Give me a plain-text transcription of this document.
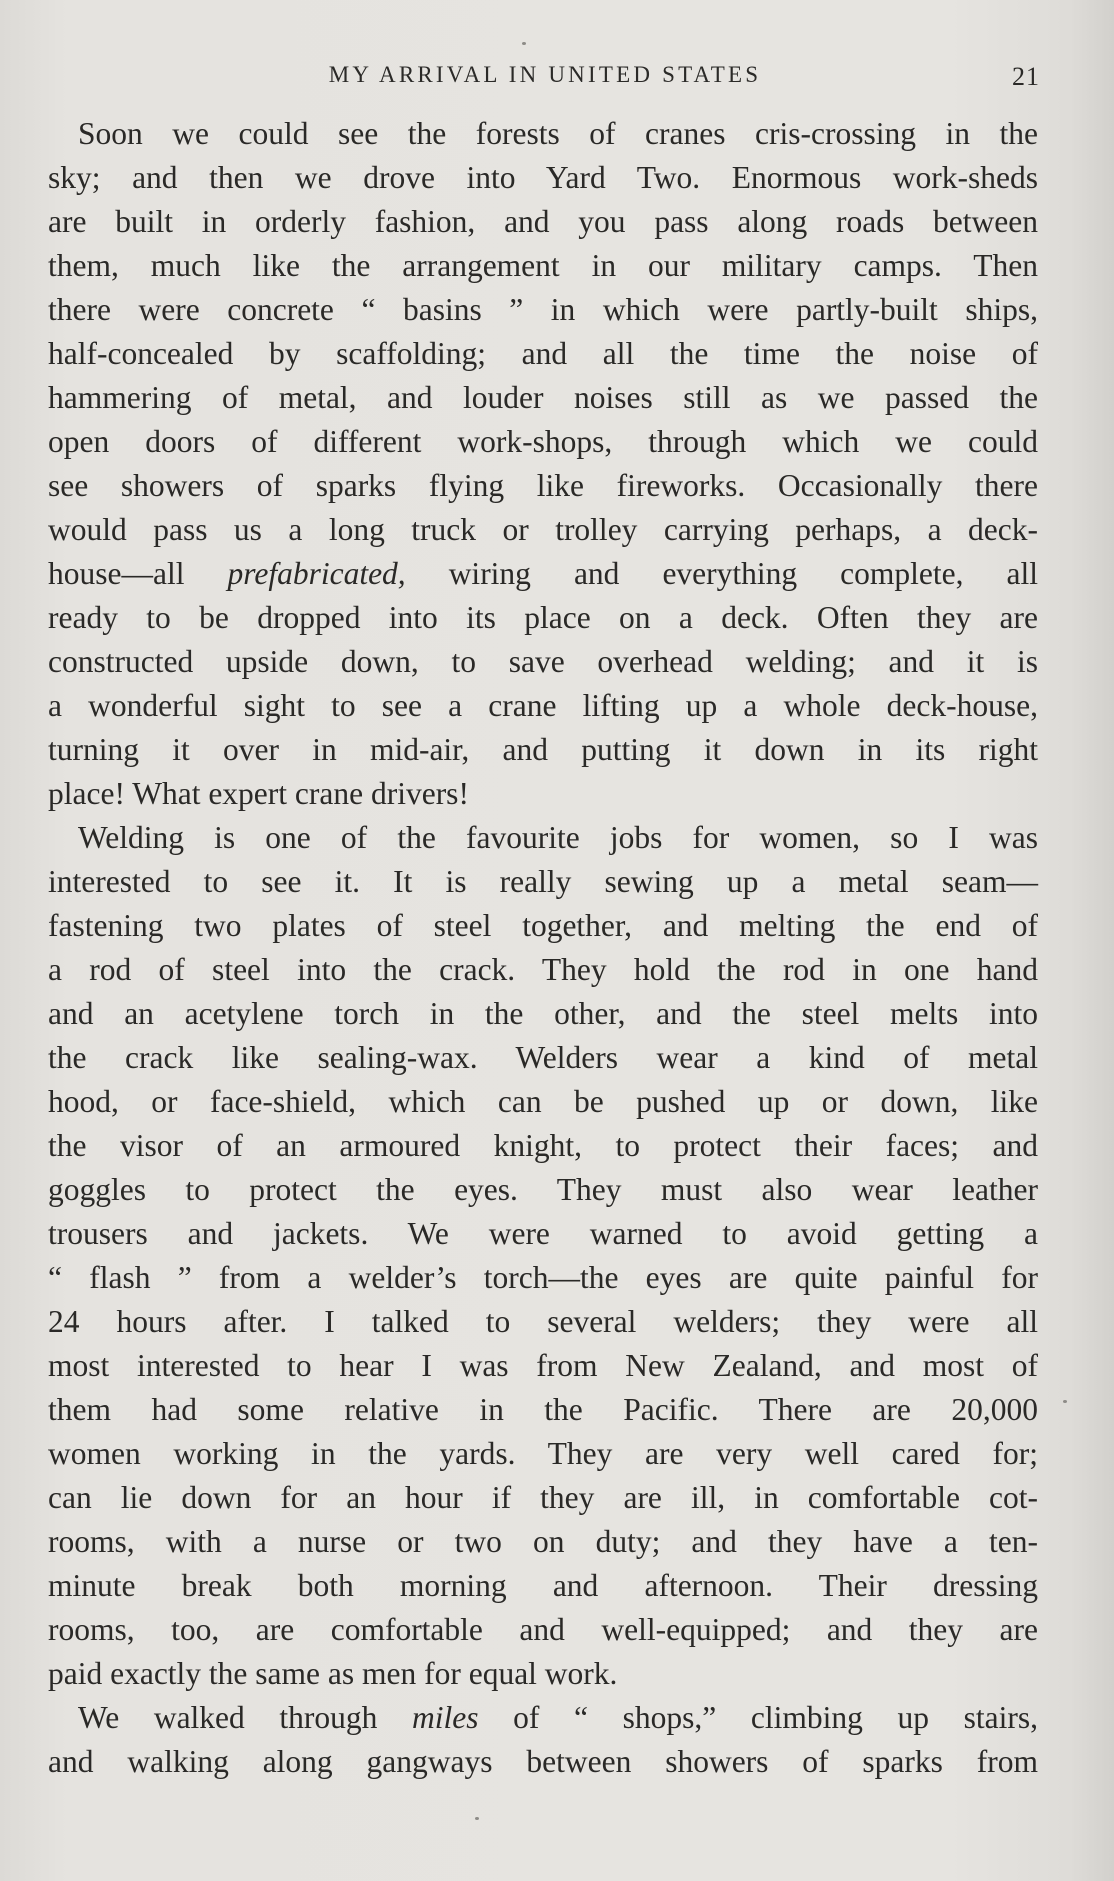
MY ARRIVAL IN UNITED STATES	21
Soon we could see the forests of cranes cris-crossing in the
sky; and then we drove into Yard Two. Enormous work-sheds
are built in orderly fashion, and you pass along roads between
them, much like the arrangement in our military camps. Then
there were concrete “ basins ” in which were partly-built ships,
half-concealed by scaffolding; and all the time the noise of
hammering of metal, and louder noises still as we passed the
open doors of different work-shops, through which we could
see showers of sparks flying like fireworks. Occasionally there
would pass us a long truck or trolley carrying perhaps, a deck-
house—all prefabricated, wiring and everything complete, all
ready to be dropped into its place on a deck. Often they are
constructed upside down, to save overhead welding; and it is
a wonderful sight to see a crane lifting up a whole deck-house,
turning it over in mid-air, and putting it down in its right
place! What expert crane drivers!
Welding is one of the favourite jobs for women, so I was
interested to see it. It is really sewing up a metal seam—
fastening two plates of steel together, and melting the end of
a rod of steel into the crack. They hold the rod in one hand
and an acetylene torch in the other, and the steel melts into
the crack like sealing-wax. Welders wear a kind of metal
hood, or face-shield, which can be pushed up or down, like
the visor of an armoured knight, to protect their faces; and
goggles to protect the eyes. They must also wear leather
trousers and jackets. We were warned to avoid getting a
“ flash ” from a welder’s torch—the eyes are quite painful for
24 hours after. I talked to several welders; they were all
most interested to hear I was from New Zealand, and most of
them had some relative in the Pacific. There are 20,000
women working in the yards. They are very well cared for;
can lie down for an hour if they are ill, in comfortable cot-
rooms, with a nurse or two on duty; and they have a ten-
minute break both morning and afternoon. Their dressing
rooms, too, are comfortable and well-equipped; and they are
paid exactly the same as men for equal work.
We walked through miles of “ shops,” climbing up stairs,
and walking along gangways between showers of sparks from
